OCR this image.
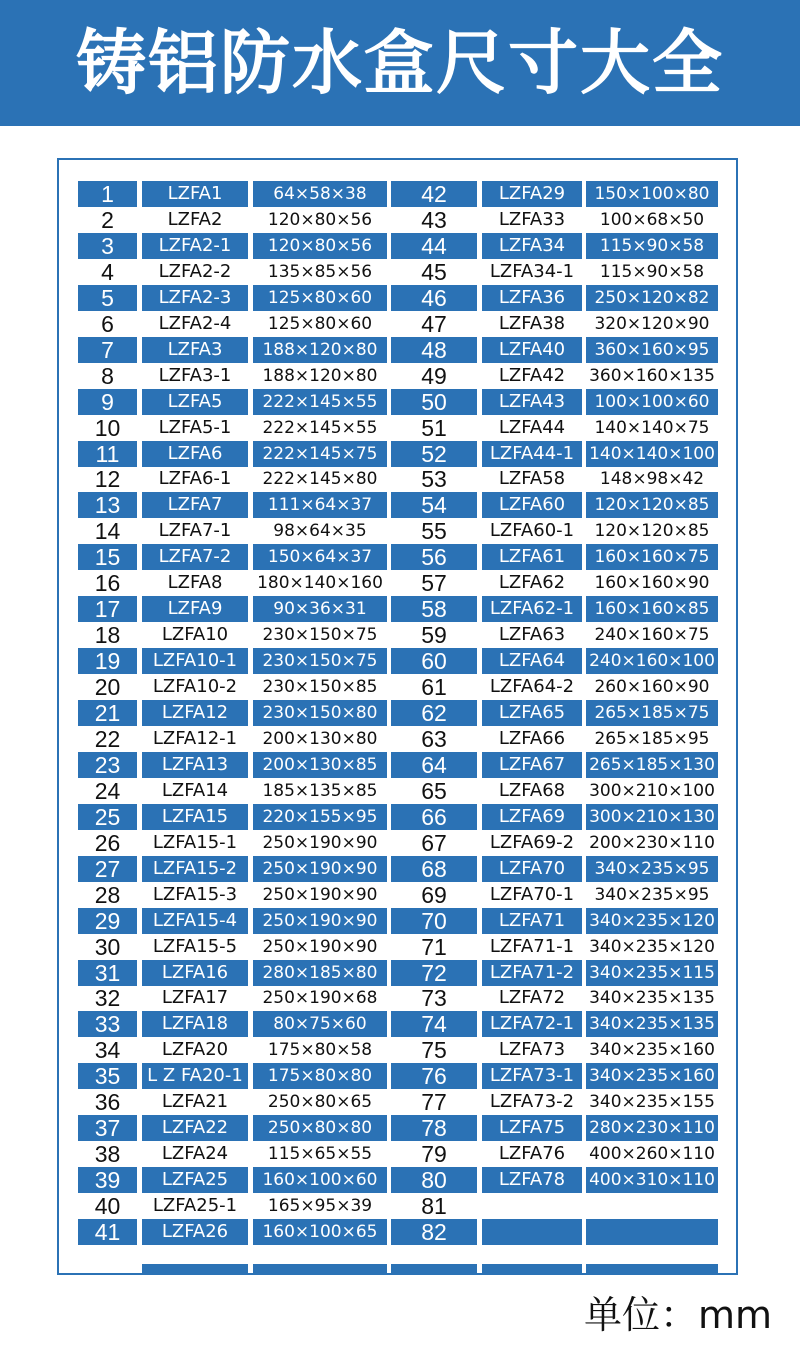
铸铝防水盒尺寸大全
1	LZFA1	64×58×38	42	LZFA29	150×100×80
2	LZFA2	120×80×56	43	LZFA33	100×68×50
3	LZFA2-1	120×80×56	44	LZFA34	115×90×58
4	LZFA2-2	135×85×56	45	LZFA34-1	115×90×58
5	LZFA2-3	125×80×60	46	LZFA36	250×120×82
6	LZFA2-4	125×80×60	47	LZFA38	320×120×90
7	LZFA3	188×120×80	48	LZFA40	360×160×95
8	LZFA3-1	188×120×80	49	LZFA42	360×160×135
9	LZFA5	222×145×55	50	LZFA43	100×100×60
10	LZFA5-1	222×145×55	51	LZFA44	140×140×75
11	LZFA6	222×145×75	52	LZFA44-1 140×140×100
12	LZFA6-1	222×145×80	53	LZFA58	148×98×42
13	LZFA7	111×64×37	54	LZFA60	120×120×85
14	LZFA7-1	98×64×35	55	LZFA60-1	120×120×85
15	LZFA7-2	150×64×37	56	LZFA61	160×160×75
16	LZFA8	180×140×160	57	LZFA62	160×160×90
17	LZFA9	90×36×31	58	LZFA62-1	160×160×85
18	LZFA10	230×150×75	59	LZFA63	240×160×75
19	LZFA10-1	230×150×75	60	LZFA64	240×160×100
20	LZFA10-2	230×150×85	61	LZFA64-2	260×160×90
21	LZFA12	230×150×80	62	LZFA65	265×185×75
22	LZFA12-1	200×130×80	63	LZFA66	265×185×95
23	LZFA13	200×130×85	64	LZFA67	265×185×130
24	LZFA14	185×135×85	65	LZFA68	300×210×100
25	LZFA15	220×155×95	66	LZFA69	300×210×130
26	LZFA15-1	250×190×90	67	LZFA69-2 200×230×110
27	LZFA15-2	250×190×90	68	LZFA70	340×235×95
28	LZFA15-3	250×190×90	69	LZFA70-1	340×235×95
29	LZFA15-4	250×190×90	70	LZFA71	340×235×120
30	LZFA15-5	250×190×90	71	LZFA71-1 340×235×120
31	LZFA16	280×185×80	72	LZFA71-2 340×235×115
32	LZFA17	250×190×68	73	LZFA72	340×235×135
33	LZFA18	80×75×60	74	LZFA72-1 340×235×135
34	LZFA20	175×80×58	75	LZFA73	340×235×160
35	L Z FA20-1	175×80×80	76	LZFA73-1 340×235×160
36	LZFA21	250×80×65	77	LZFA73-2 340×235×155
37	LZFA22	250×80×80	78	LZFA75	280×230×110
38	LZFA24	115×65×55	79	LZFA76	400×260×110
39	LZFA25	160×100×60	80	LZFA78	400×310×110
40	LZFA25-1	165×95×39	81
41	LZFA26	160×100×65	82
单位：mm
